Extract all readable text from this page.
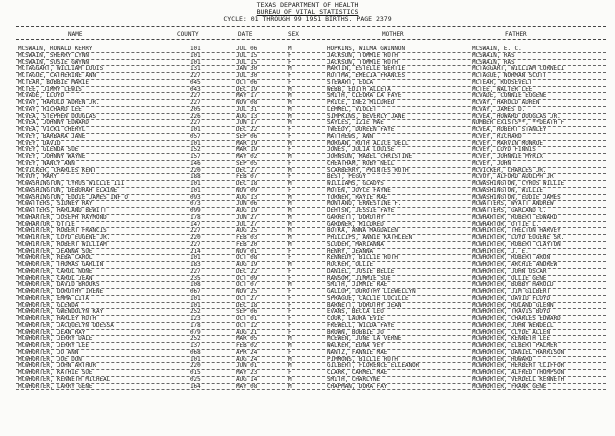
TEXAS DEPARTMENT OF HEALTH
BUREAU OF VITAL STATISTICS
CYCLE: 01 THROUGH 99 1951 BIRTHS. PAGE 2379
NAME	COUNTY	DATE	SEX	MOTHER	FATHER
MCSWAIN, RONALD KERRY	101	JUL 06	M	HOPKINS, WILMA GWINNON	MCSWAIN, E. C.
MCSWAIN, SHERRY LYNN	101	JUL 15	F	JACKSON, TOMMIE RUTH	MCSWAIN, RAS
MCSWAIN, SUSIE GWYNN	101	JUL 15	F	JACKSON, TOMMIE RUTH	MCSWAIN, RAS
MCTAGGART, WILLIAM LOUIS	131	JAN 30	M	MARTIN, ESTELLE BERTIE	MCTAGGART, WILLIAM CORNELI
MCTAGUE, CATHERINE ANN	227	JUL 30	F	RUTTMA, EMELIA FRANCES	MCTAGUE, NORMAN SCOTT
MCTEAR, BOBBIE MARIE	045	OCT 06	F	STEWART, EOLA	MCTEAR, ROOSEVELT
MCTEE, JIMMY LEWIS	043	DEC 19	M	WEBB, EDITH ALLETA	MCTEE, WALTER LEE
MCVADE, LLOYD	227	MAY 17	M	SMITH, CLEORA LA FAYE	MCVADE, CONNIE EUGENE
MCVAY, HAROLD ADREN JR.	227	NOV 08	M	PRICE, INEZ MILDRED	MCVAY, HAROLD ADREN
MCVAY, RICHARD LEE	205	JUL 31	M	LEMMEL, VIOLET	MCVAY, JAMES D.
MCVEA, STEPHEN DOUGLAS	226	AUG 13	M	SIMPKINS, BEVERLY JANE	MCVEA, HOWARD DOUGLAS JR.
MCVEA, JOHNNY EDWARD	227	JUN 17	M	SAYLES, IZIE MAE	NUMBER EXISTS**, **DEATH F
MCVEA, VICKI CHERYL	101	DEC 22	F	TWEEDY, DOREEN FAYE	MCVEA, ROBERT STANLEY
MCVEY, BARBARA JANE	057	SEP 06	F	MATTHEWS, ANN	MCVEY, RICHARD
MCVEY, DAVID	101	MAR 19	M	MORGAN, RUTH ALICE DELL	MCVEY, MARVIN MONROE
MCVEY, GLENDA SUE	152	MAR 19	F	JONES, JULIA LOUISE	MCVEY, LOYD FINNIS
MCVEY, JOHNNY WAYNE	157	MAY 02	M	JOHNSON, MABEL CHRISTINE	MCVEY, JOHNNIE MYRIX
MCVEY, NANCY ANN	146	SEP 05	F	CHEATHAM, RUBY NELL	MCVEY, JOHN
MCVICKER, CHARLES KENT	220	DEC 27	M	SCARBERRY, PRINTES RUTH	MCVICKER, CHARLES JR.
MCVOY, MARY	188	FEB 07	F	BEST, PEGGY	MCVOY, ALFORD ADOLPH JR
MCWASHINGTON, CYRUS WILLIE III	101	DEC 18	M	WILLIAMS, GLADYS	MCWASHINGTON, CYRUS WILLIE
MCWASHINGTON, DEBORAH ELAINE	101	NOV 09	F	MOTEN, JOYCE FAYNE	MCWASHINGTON, WILLIE
MCWASHINGTON, EDDIE JAMES INF O	093	AUG 13	M	TURNER, RAYIE MAE	MCWASHINGTON, EDDIE JAMES
MCWATTERS, SIDNEY RAY	073	JUN 06	M	MONTANO, ERNESTINE F.	MCWATTERS, WYATT ANDREW
MCWATTERS, HARLAND BEWITT	099	AUG 19	M	DEHTSN, JESSIE FAYE	MCWATTERS, GARLAND C.
MCWHARTER, JOSEPH RAYMOND	178	JUN 27	M	GARRETT, DOROTHY	MCWHARTER, ROBERT EDWARD
MCWHARTOR, OTTIE	147	JUL 27	M	GARDNER, MILDRED	MCWHARTOR, OTTIE L.
MCWHIRTER, ROBERT FRANCIS	227	AUG 25	M	BOTKA, ANNA MAGDALEN	MCWHIRTER, THELTON HARVEY
MCWHIRTER, LOYD EUGENE JR.	220	FEB 03	M	PHILLIPS, ANNIE KATHLEEN	MCWHIRTER, LOYD EUGENE SR.
MCWHIRTER, ROBERT WILLIAM	227	FEB 20	M	SLUDER, MARIANNA	MCWHIRTER, ROBERT CLAYTON
MCWHIRTER, JEANNA SUE	214	NOV 01	F	HENRY, JEANNA	MCWHIRTER, J. E.
MCWHORTER, REBA CAROL	101	OCT 08	F	KENNEDY, BILLIE RUTH	MCWHORTER, ROBERT ARON
MCWHORTER, THOMAS GARLIN	183	AUG 19	M	RUCKER, OLLIE	MCWHORTER, ARCHIE ANDREW
MCWHORTER, CAROL NONE	227	DEC 22	F	DANIEL, JOSIE BELLE	MCWHORTER, JOHN OSCAR
MCWHORTER, CAROL JEAN	235	OCT 09	F	RANSOM, JIMMIE SUE	MCWHORTER, OLLIE GENE
MCWHORTER, DAVID BROOKS	108	OCT 07	M	SMITH, JIMMIE RAE	MCWHORTER, BOBBY HAROLD
MCWHORTER, DOROTHY IRENE	067	NOV 25	F	GALLUP, DOROTHY LLEWELLYN	MCWHORTER, JIM GILBERT
MCWHORTER, EMMA LITA	101	OCT 27	F	SPRAGUE, CALLIE LUCILLE	MCWHORTER, DAVID FLOYD
MCWHORTER, GLENDA	101	DEC 18	F	BARNETT, DOROTHY JEAN	MCWHORTER, ROLAND GLENN
MCWHORTER, GWENDOLYN KAY	252	SEP 06	F	EVANS, BECCA LEO	MCWHORTER, TRAVIS BOYD
MCWHORTER, HARLEY RUTH	123	OCT 01	F	COOK, LAURA EVIE	MCWHORTER, CHARLES EDWARD
MCWHORTER, JACQUELYN ODESSA	178	OCT 12	F	FREWELL, WILDA FAYE	MCWHORTER, JOHN WENDELL
MCWHORTER, JEAN RAY	079	AUG 21	F	BROWN, BOBBIE JO	MCWHORTER, CLYDE ALLEN
MCWHORTER, JERRY DALE	252	MAR 05	M	MCEWEN, JUNE LA VERNE	MCWHORTER, KENNETH LEE
MCWHORTER, JERRY LEE	137	FEB 02	M	WALKER, EDNA VEY	MCWHORTER, ELBERT PALMER
MCWHORTER, JO ANN	068	APR 24	F	NANTZ, FANNIE MAE	MCWHORTER, DANIEL HARRISON
MCWHORTER, JOE DON	101	AUG 24	M	PIMMONS, BILLIE RUTH	MCWHORTER, HOWARD
MCWHORTER, JOHN ARTHUR	220	JUN 01	M	GILBERT, FLORENCE ELLEANOR	MCWHORTER, HERBERT CLIFFOR
MCWHORTER, KATHIE SUE	015	MAY 23	F	CLARK, CARMEL MAE	MCWHORTER, ALFRED THOMPSON
MCWHORTER, KENNETH MICHEAL	025	AUG 14	M	SMITH, CHARLYNE	MCWHORTER, VERDELL KENNETH
MCWHORTER, LARRY GENE	164	MAY 08	M	CHAPMAN, DORA FAY	MCWHORTER, FRANK GENE
